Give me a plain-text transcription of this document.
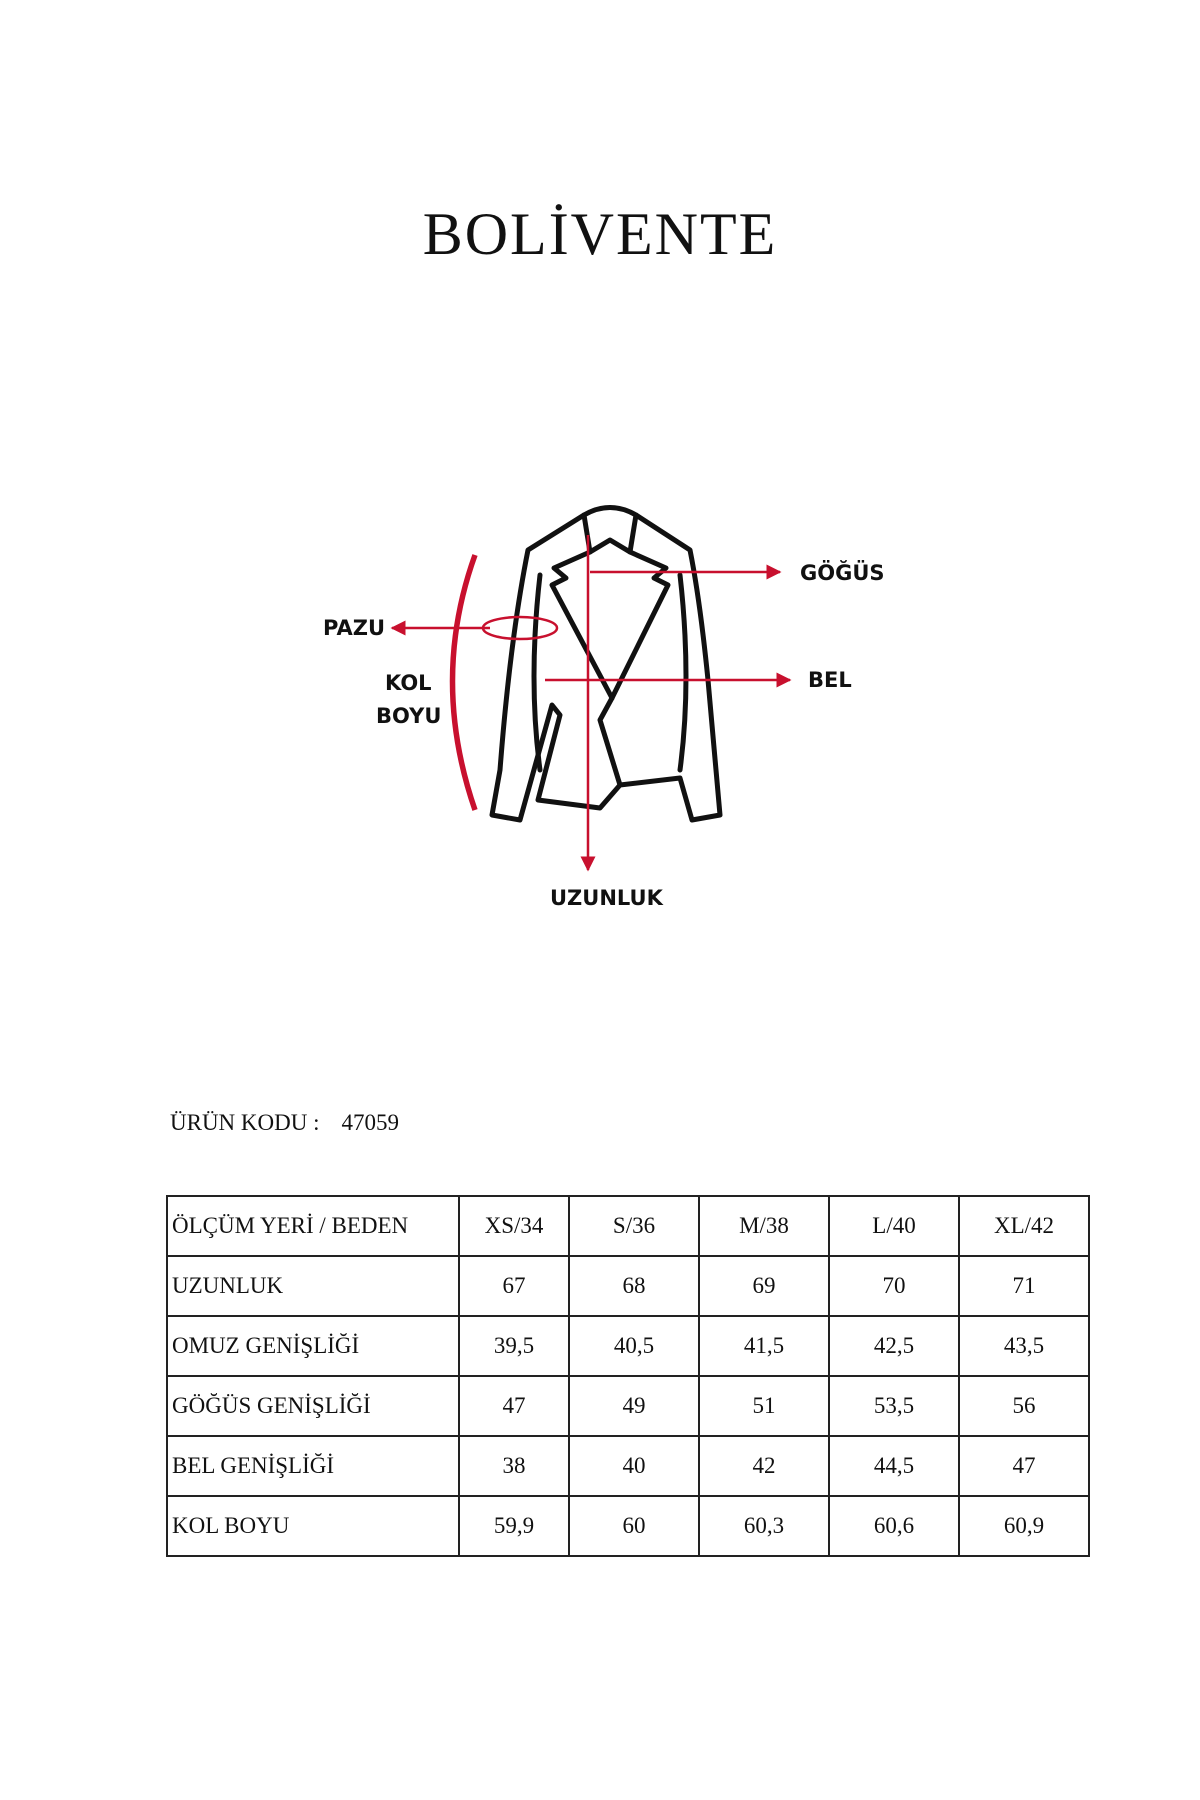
BOLİVENTE
GÖĞÜS
PAZU
BEL
KOL
BOYU
UZUNLUK
ÜRÜN KODU : 47059
ÖLÇÜM YERİ / BEDEN	XS/34	S/36	M/38	L/40	XL/42
UZUNLUK	67	68	69	70	71
OMUZ GENİŞLİĞİ	39,5	40,5	41,5	42,5	43,5
GÖĞÜS GENİŞLİĞİ	47	49	51	53,5	56
BEL GENİŞLİĞİ	38	40	42	44,5	47
KOL BOYU	59,9	60	60,3	60,6	60,9
